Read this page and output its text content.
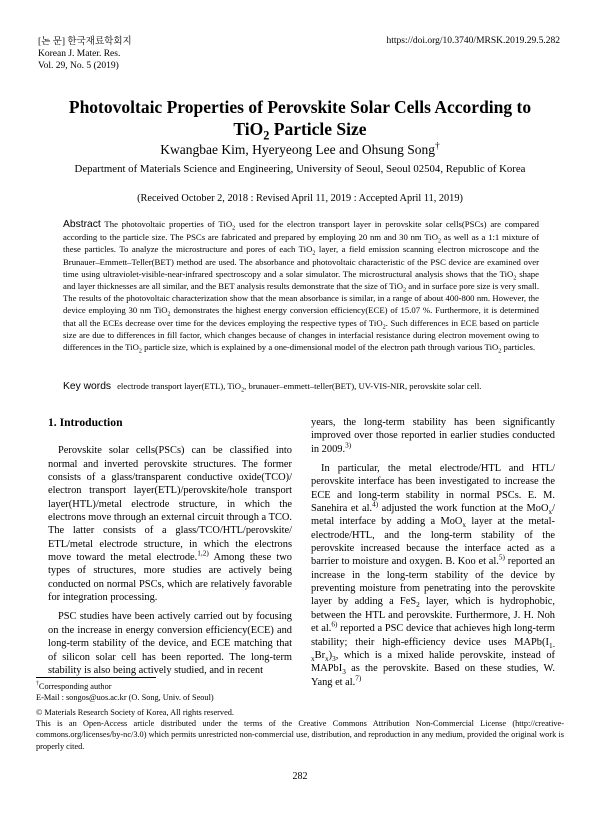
[논 문] 한국재료학회지
Korean J. Mater. Res.
Vol. 29, No. 5 (2019)
https://doi.org/10.3740/MRSK.2019.29.5.282
Photovoltaic Properties of Perovskite Solar Cells According to
TiO$_2$ Particle Size
Kwangbae Kim, Hyeryeong Lee and Ohsung Song†
Department of Materials Science and Engineering, University of Seoul, Seoul 02504, Republic of Korea
(Received October 2, 2018 : Revised April 11, 2019 : Accepted April 11, 2019)
Abstract The photovoltaic properties of TiO$_2$ used for the electron transport layer in perovskite solar cells(PSCs) are compared according to the particle size. The PSCs are fabricated and prepared by employing 20 nm and 30 nm TiO$_2$ as well as a 1:1 mixture of these particles. To analyze the microstructure and pores of each TiO$_2$ layer, a field emission scanning electron microscope and the Brunauer–Emmett–Teller(BET) method are used. The absorbance and photovoltaic characteristic of the PSC device are examined over time using ultraviolet-visible-near-infrared spectroscopy and a solar simulator. The microstructural analysis shows that the TiO$_2$ shape and layer thicknesses are all similar, and the BET analysis results demonstrate that the size of TiO$_2$ and in surface pore size is very small. The results of the photovoltaic characterization show that the mean absorbance is similar, in a range of about 400-800 nm. However, the device employing 30 nm TiO$_2$ demonstrates the highest energy conversion efficiency(ECE) of 15.07 %. Furthermore, it is determined that all the ECEs decrease over time for the devices employing the respective types of TiO$_2$. Such differences in ECE based on particle size are due to differences in fill factor, which changes because of changes in interfacial resistance during electron movement owing to differences in the TiO$_2$ particle size, which is explained by a one-dimensional model of the electron path through various TiO$_2$ particles.
Key words electrode transport layer(ETL), TiO$_2$, brunauer–emmett–teller(BET), UV-VIS-NIR, perovskite solar cell.
1. Introduction

Perovskite solar cells(PSCs) can be classified into normal and inverted perovskite structures. The former consists of a glass/transparent conductive oxide(TCO)/ electron transport layer(ETL)/perovskite/hole transport layer(HTL)/metal electrode structure, in which the electrons move through an external circuit through a TCO. The latter consists of a glass/TCO/HTL/perovskite/ ETL/metal electrode structure, in which the electrons move toward the metal electrode.$^{1,2)}$ Among these two types of structures, more studies are actively being conducted on normal PSCs, which are relatively favorable for integration processing.

PSC studies have been actively carried out by focusing on the increase in energy conversion efficiency(ECE) and long-term stability of the device, and ECE matching that of silicon solar cell has been reported. The long-term stability is also being actively studied, and in recent

years, the long-term stability has been significantly improved over those reported in earlier studies conducted in 2009.$^{3)}$

In particular, the metal electrode/HTL and HTL/ perovskite interface has been investigated to increase the ECE and long-term stability in normal PSCs. E. M. Sanehira et al.$^{4)}$ adjusted the work function at the MoO$_x$/ metal interface by adding a MoO$_x$ layer at the metal-electrode/HTL, and the long-term stability of the perovskite increased because the interface acted as a barrier to moisture and oxygen. B. Koo et al.$^{5)}$ reported an increase in the long-term stability of the device by preventing moisture from penetrating into the perovskite layer by adding a FeS$_2$ layer, which is hydrophobic, between the HTL and perovskite. Furthermore, J. H. Noh et al.$^{6)}$ reported a PSC device that achieves high long-term stability; their high-efficiency device uses $MAPb(I_{1-x}Br_x)_3$, which is a mixed halide perovskite, instead of MAPbI$_3$ as the perovskite. Based on these studies, W. Yang et al.$^{7)}$

†Corresponding author
E-Mail : songos@uos.ac.kr (O. Song, Univ. of Seoul)
© Materials Research Society of Korea, All rights reserved.
This is an Open-Access article distributed under the terms of the Creative Commons Attribution Non-Commercial License (http://creative-commons.org/licenses/by-nc/3.0) which permits unrestricted non-commercial use, distribution, and reproduction in any medium, provided the original work is properly cited.
282
